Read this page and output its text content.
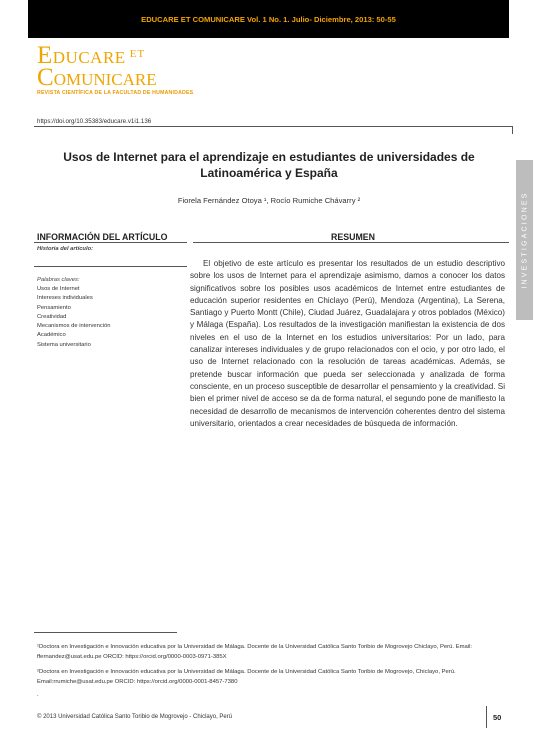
EDUCARE ET COMUNICARE Vol. 1 No. 1. Julio- Diciembre, 2013: 50-55
EDUCARE $^{ET}$
COMUNICARE
REVISTA CIENTÍFICA DE LA FACULTAD DE HUMANIDADES
https://doi.org/10.35383/educare.v1i1.136
INVESTIGACIONES
Usos de Internet para el aprendizaje en estudiantes de universidades de Latinoamérica y España
Fiorela Fernández Otoya ¹, Rocío Rumiche Chávarry ²
INFORMACIÓN DEL ARTÍCULO	RESUMEN
Historia del artículo:
Palabras claves:
Usos de Internet
Intereses individuales
Pensamiento
Creatividad
Mecanismos de intervención
Académico
Sistema universitario
El objetivo de este artículo es presentar los resultados de un estudio descriptivo sobre los usos de Internet para el aprendizaje asimismo, damos a conocer los datos significativos sobre los posibles usos académicos de Internet entre estudiantes de educación superior residentes en Chiclayo (Perú), Mendoza (Argentina), La Serena, Santiago y Puerto Montt (Chile), Ciudad Juárez, Guadalajara y otros poblados (México) y Málaga (España). Los resultados de la investigación manifiestan la existencia de dos niveles en el uso de la Internet en los estudios universitarios: Por un lado, para canalizar intereses individuales y de grupo relacionados con el ocio, y por otro lado, el uso de Internet relacionado con la resolución de tareas académicas. Además, se pretende buscar información que pueda ser seleccionada y analizada de forma consciente, en un proceso susceptible de desarrollar el pensamiento y la creatividad. Si bien el primer nivel de acceso se da de forma natural, el segundo pone de manifiesto la necesidad de desarrollo de mecanismos de intervención coherentes dentro del sistema universitario, orientados a crear necesidades de búsqueda de información.
¹Doctora en Investigación e Innovación educativa por la Universidad de Málaga. Docente de la Universidad Católica Santo Toribio de Mogrovejo Chiclayo, Perú. Email: ffernandez@usat.edu.pe ORCID: https://orcid.org/0000-0003-0971-385X
²Doctora en Investigación e Innovación educativa por la Universidad de Málaga. Docente de la Universidad Católica Santo Toribio de Mogrovejo, Chiclayo, Perú. Email:rrumiche@usat.edu.pe ORCID: https://orcid.org/0000-0001-8457-7380
.
© 2013 Universidad Católica Santo Toribio de Mogrovejo - Chiclayo, Perú	50
